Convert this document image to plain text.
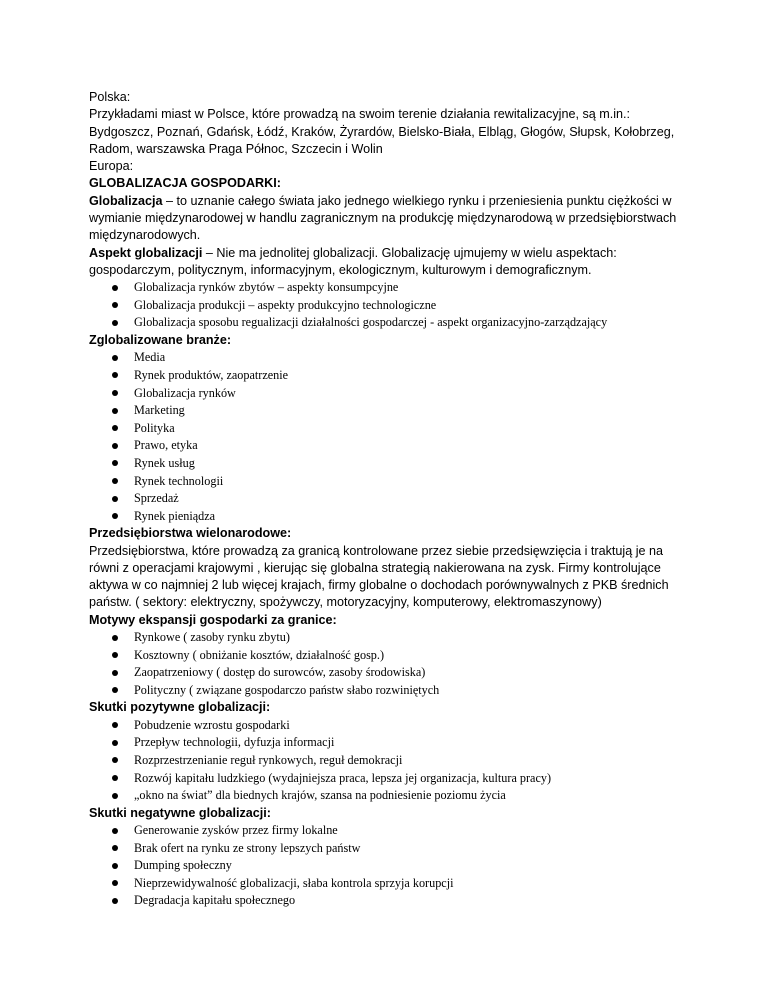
Polska:

Przykładami miast w Polsce, które prowadzą na swoim terenie działania rewitalizacyjne, są m.in.: Bydgoszcz, Poznań, Gdańsk, Łódź, Kraków, Żyrardów, Bielsko-Biała, Elbląg, Głogów, Słupsk, Kołobrzeg, Radom, warszawska Praga Północ, Szczecin i Wolin

Europa:

GLOBALIZACJA GOSPODARKI:

Globalizacja – to uznanie całego świata jako jednego wielkiego rynku i przeniesienia punktu ciężkości w wymianie międzynarodowej w handlu zagranicznym na produkcję międzynarodową w przedsiębiorstwach międzynarodowych.

Aspekt globalizacji – Nie ma jednolitej globalizacji. Globalizację ujmujemy w wielu aspektach: gospodarczym, politycznym, informacyjnym, ekologicznym, kulturowym i demograficznym.

Globalizacja rynków zbytów – aspekty konsumpcyjne
Globalizacja produkcji – aspekty produkcyjno technologiczne
Globalizacja sposobu regualizacji działalności gospodarczej - aspekt organizacyjno-zarządzający

Zglobalizowane branże:

Media
Rynek produktów, zaopatrzenie
Globalizacja rynków
Marketing
Polityka
Prawo, etyka
Rynek usług
Rynek technologii
Sprzedaż
Rynek pieniądza

Przedsiębiorstwa wielonarodowe:

Przedsiębiorstwa, które prowadzą za granicą kontrolowane przez siebie przedsięwzięcia i traktują je na równi z operacjami krajowymi , kierując się globalna strategią nakierowana na zysk. Firmy kontrolujące aktywa w co najmniej 2 lub więcej krajach, firmy globalne o dochodach porównywalnych z PKB średnich państw. ( sektory: elektryczny, spożywczy, motoryzacyjny, komputerowy, elektromaszynowy)

Motywy ekspansji gospodarki za granice:

Rynkowe ( zasoby rynku zbytu)
Kosztowny ( obniżanie kosztów, działalność gosp.)
Zaopatrzeniowy ( dostęp do surowców, zasoby środowiska)
Polityczny ( związane gospodarczo państw słabo rozwiniętych

Skutki pozytywne globalizacji:

Pobudzenie wzrostu gospodarki
Przepływ technologii, dyfuzja informacji
Rozprzestrzenianie reguł rynkowych, reguł demokracji
Rozwój kapitału ludzkiego (wydajniejsza praca, lepsza jej organizacja, kultura pracy)
„okno na świat” dla biednych krajów, szansa na podniesienie poziomu życia

Skutki negatywne globalizacji:

Generowanie zysków przez firmy lokalne
Brak ofert na rynku ze strony lepszych państw
Dumping społeczny
Nieprzewidywalność globalizacji, słaba kontrola sprzyja korupcji
Degradacja kapitału społecznego
